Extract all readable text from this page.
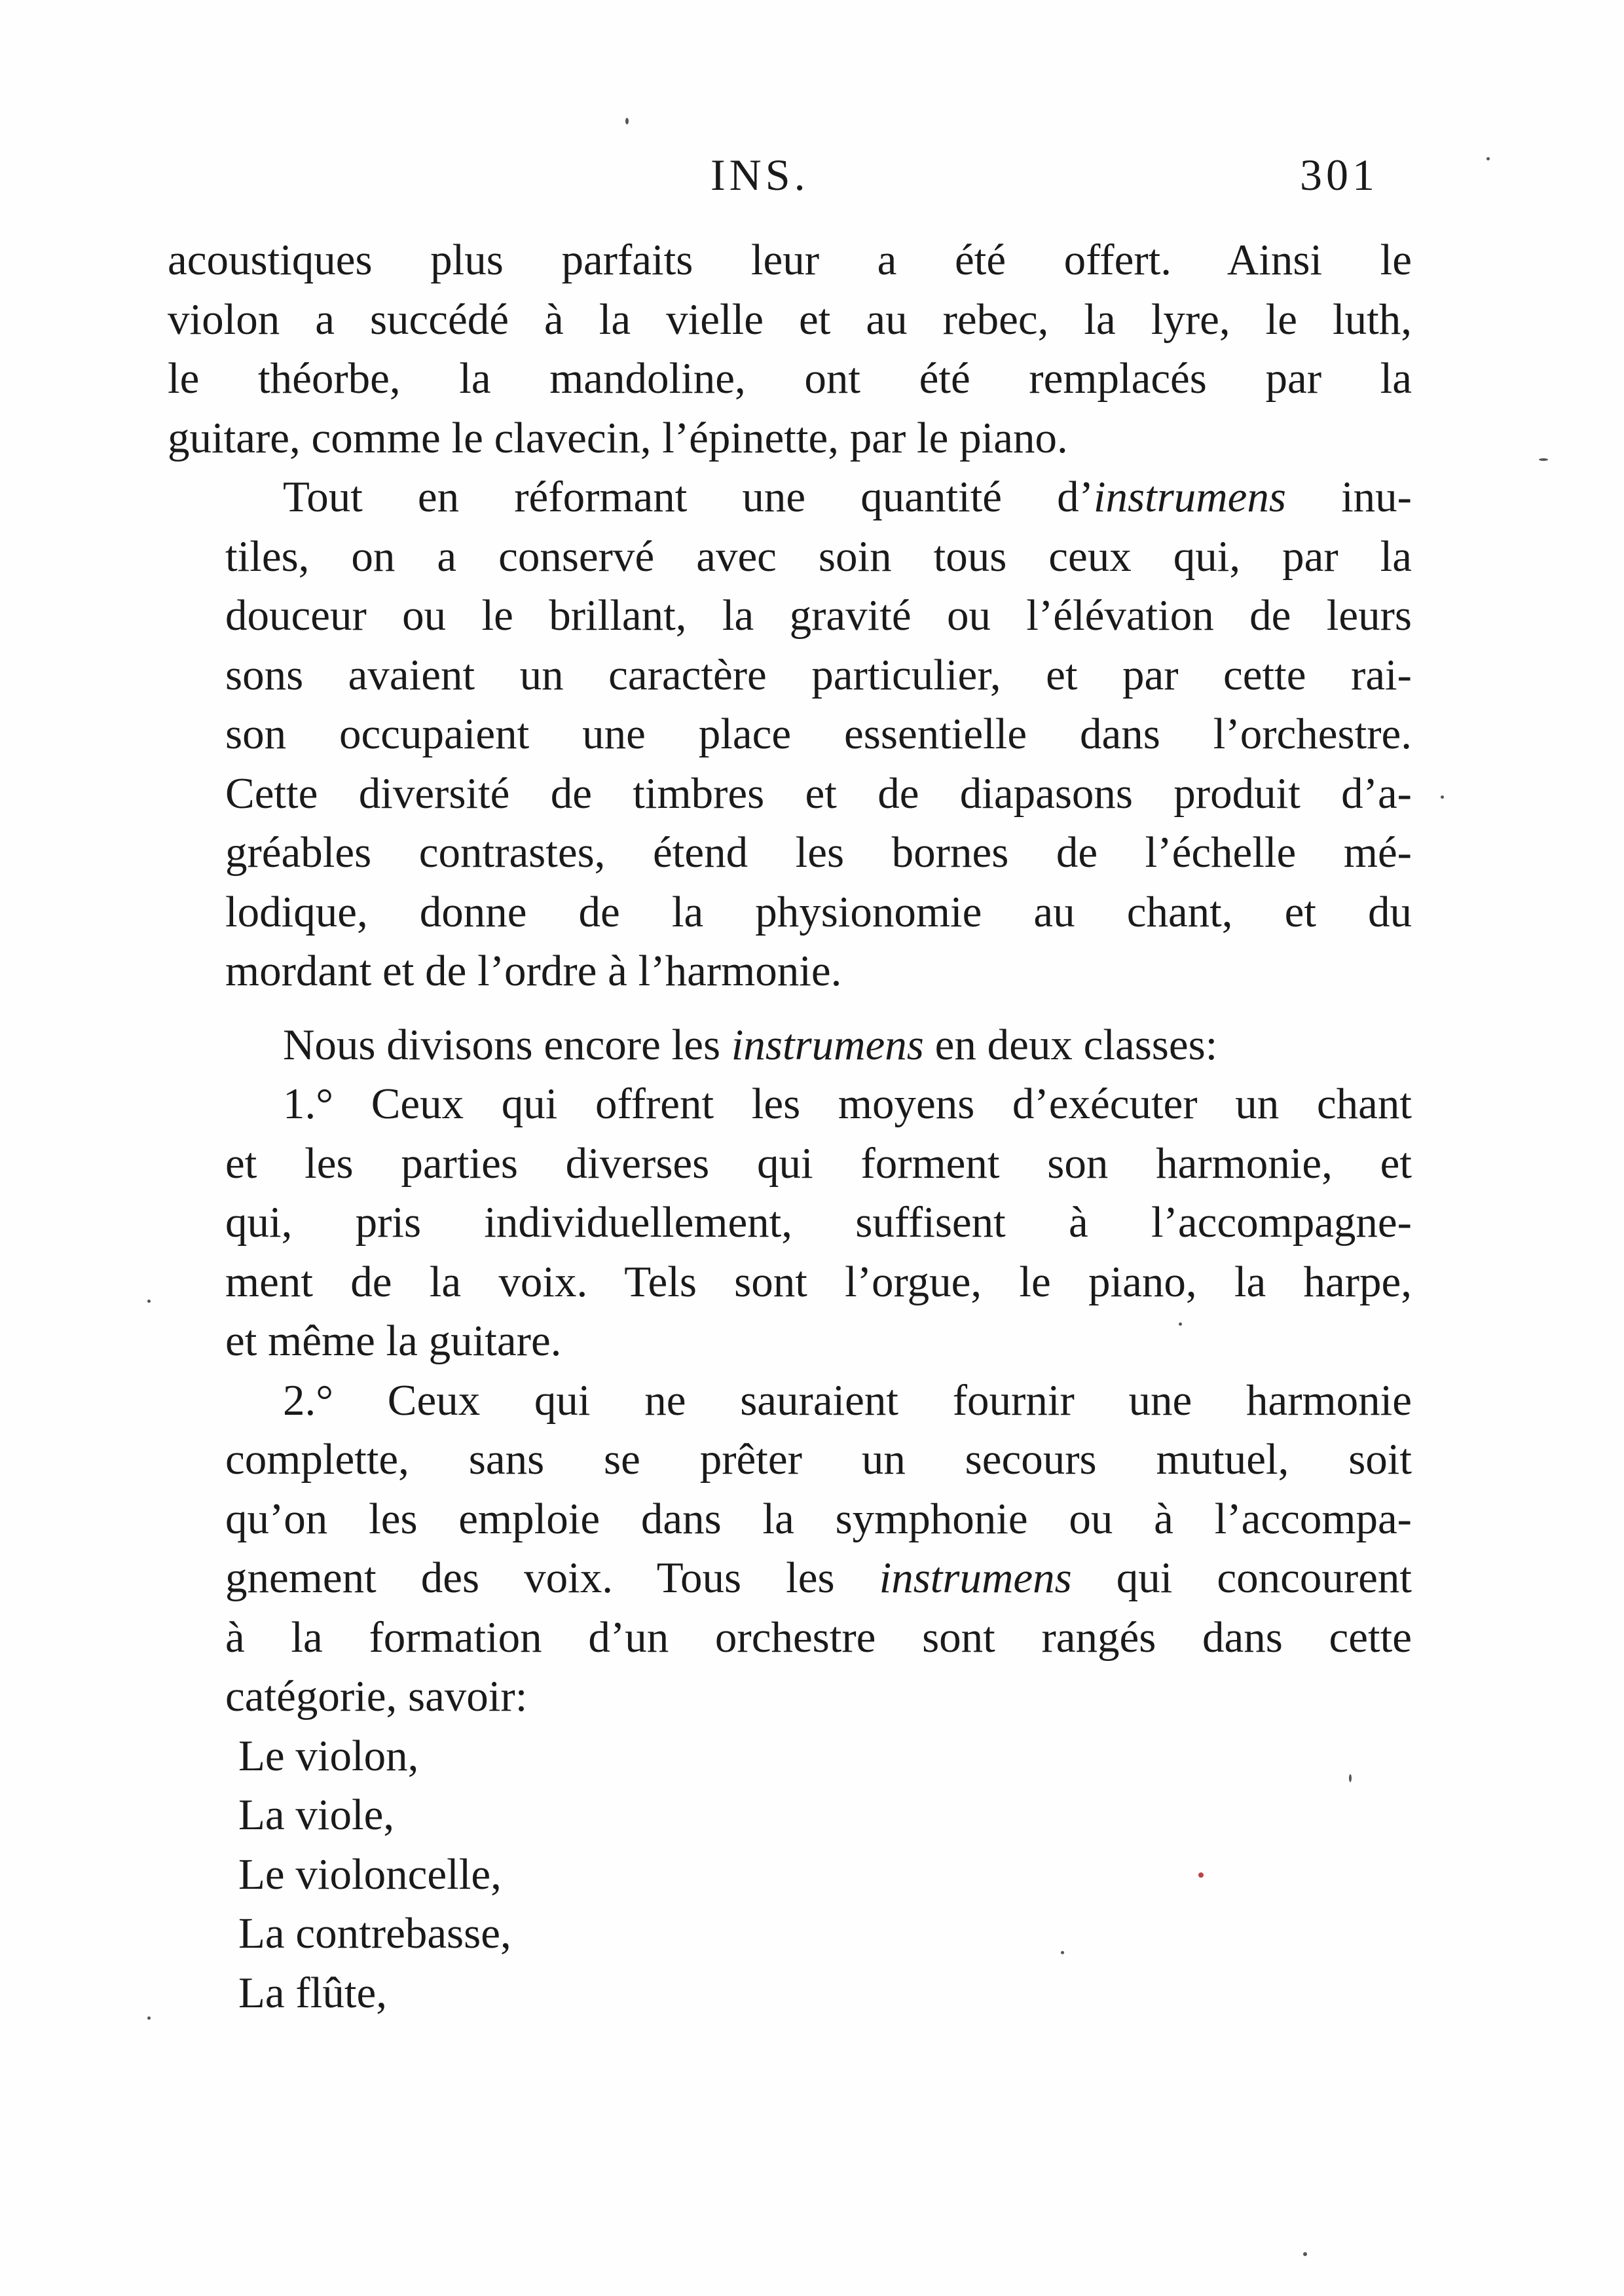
INS.	301
acoustiques plus parfaits leur a été offert. Ainsi le
violon a succédé à la vielle et au rebec, la lyre, le luth,
le théorbe, la mandoline, ont été remplacés par la
guitare, comme le clavecin, l’épinette, par le piano.
Tout en réformant une quantité d’instrumens inu-
tiles, on a conservé avec soin tous ceux qui, par la
douceur ou le brillant, la gravité ou l’élévation de leurs
sons avaient un caractère particulier, et par cette rai-
son occupaient une place essentielle dans l’orchestre.
Cette diversité de timbres et de diapasons produit d’a-
gréables contrastes, étend les bornes de l’échelle mé-
lodique, donne de la physionomie au chant, et du
mordant et de l’ordre à l’harmonie.
Nous divisons encore les instrumens en deux classes:
1.° Ceux qui offrent les moyens d’exécuter un chant
et les parties diverses qui forment son harmonie, et
qui, pris individuellement, suffisent à l’accompagne-
ment de la voix. Tels sont l’orgue, le piano, la harpe,
et même la guitare.
2.° Ceux qui ne sauraient fournir une harmonie
complette, sans se prêter un secours mutuel, soit
qu’on les emploie dans la symphonie ou à l’accompa-
gnement des voix. Tous les instrumens qui concourent
à la formation d’un orchestre sont rangés dans cette
catégorie, savoir:
Le violon,
La viole,
Le violoncelle,
La contrebasse,
La flûte,
